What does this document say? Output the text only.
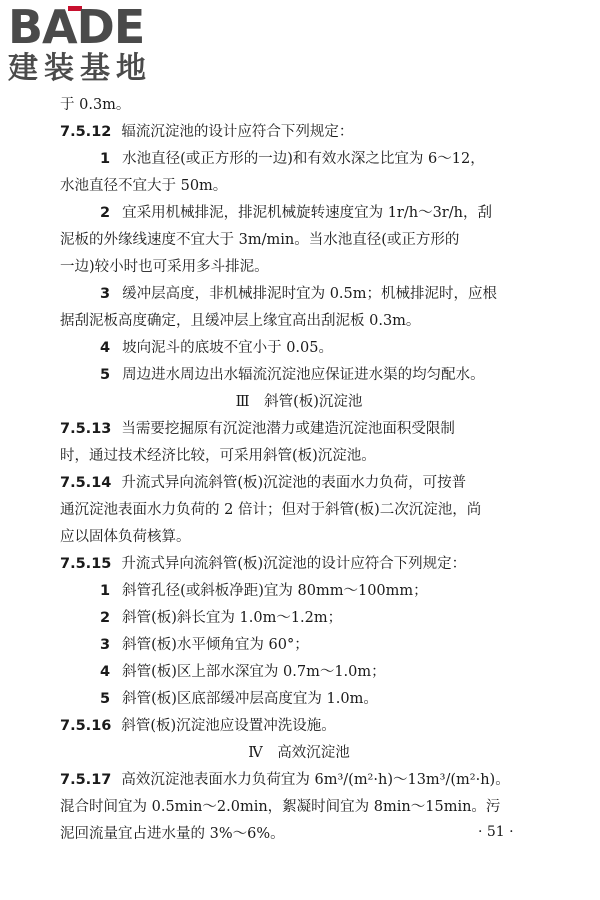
BADE
建装基地
于 0.3m。
7.5.12 辐流沉淀池的设计应符合下列规定：
1 水池直径(或正方形的一边)和有效水深之比宜为 6～12，
水池直径不宜大于 50m。
2 宜采用机械排泥，排泥机械旋转速度宜为 1r/h～3r/h，刮
泥板的外缘线速度不宜大于 3m/min。当水池直径(或正方形的
一边)较小时也可采用多斗排泥。
3 缓冲层高度，非机械排泥时宜为 0.5m；机械排泥时，应根
据刮泥板高度确定，且缓冲层上缘宜高出刮泥板 0.3m。
4 坡向泥斗的底坡不宜小于 0.05。
5 周边进水周边出水辐流沉淀池应保证进水渠的均匀配水。
Ⅲ　斜管(板)沉淀池
7.5.13 当需要挖掘原有沉淀池潜力或建造沉淀池面积受限制
时，通过技术经济比较，可采用斜管(板)沉淀池。
7.5.14 升流式异向流斜管(板)沉淀池的表面水力负荷，可按普
通沉淀池表面水力负荷的 2 倍计；但对于斜管(板)二次沉淀池，尚
应以固体负荷核算。
7.5.15 升流式异向流斜管(板)沉淀池的设计应符合下列规定：
1 斜管孔径(或斜板净距)宜为 80mm～100mm；
2 斜管(板)斜长宜为 1.0m～1.2m；
3 斜管(板)水平倾角宜为 60°；
4 斜管(板)区上部水深宜为 0.7m～1.0m；
5 斜管(板)区底部缓冲层高度宜为 1.0m。
7.5.16 斜管(板)沉淀池应设置冲洗设施。
Ⅳ　高效沉淀池
7.5.17 高效沉淀池表面水力负荷宜为 6m³/(m²·h)～13m³/(m²·h)。
混合时间宜为 0.5min～2.0min，絮凝时间宜为 8min～15min。污
泥回流量宜占进水量的 3%～6%。	· 51 ·
